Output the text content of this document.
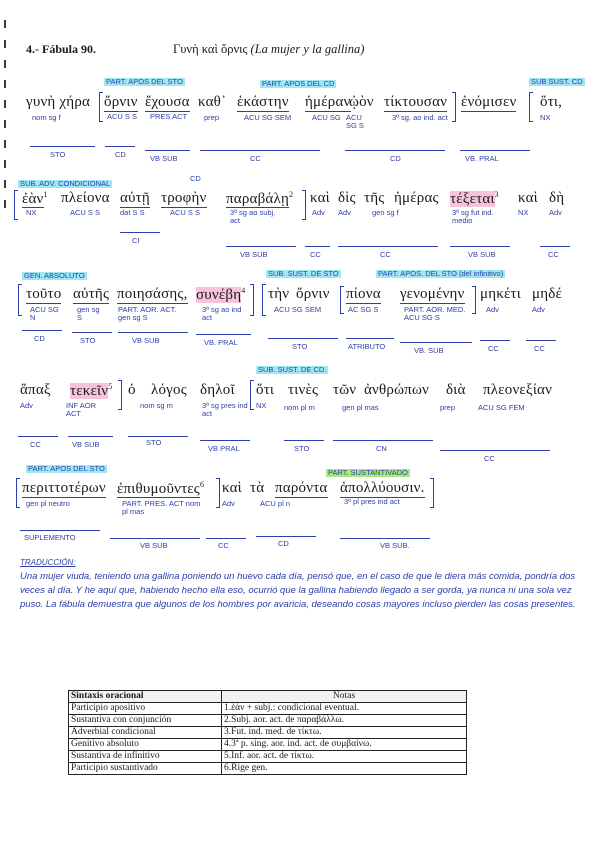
4.- Fábula 90.	Γυνὴ καὶ ὄρνις (La mujer y la gallina)
PART. APOS DEL STO	PART. APOS DEL CD	SUB SUST. CD
γυνὴ χήρα ὄρνιν ἔχουσα καθ᾿ ἑκάστην ἡμέραν
ᾠὸν τίκτουσαν ἐνόμισεν ὅτι,
nom sg f	ACU S S PRES ACT	prep	ACU SG SEM	ACU SG ACU SG S
3º sg. ao ind. act	NX
STO	CD	VB SUB	CC	CD	VB. PRAL
SUB. ADV. CONDICIONAL
CD
ἐὰν$^1$ πλείονα αὐτῇ τροφὴν παραβάλῃ$^2$ καὶ δὶς τῆς ἡμέρας τέξεται$^3$ καὶ δὴ
NX	ACU S S	dat S S	ACU S S	3ª sg ao subj. act
Adv Adv	gen sg f	3ª sg fut ind. medio
NX	Adv
CI
VB SUB	CC	CC	VB SUB	CC
GEN. ABSOLUTO	SUB. SUST. DE STO	PART. APOS. DEL STO (del infinitivo)
τοῦτο αὐτῆς ποιησάσης, συνέβη$^4$ τὴν ὄρνιν πίονα γενομένην μηκέτι μηδέ
ACU SG N
gen sg S
PART. AOR. ACT. gen sg S
3ª sg ao ind act
ACU SG SEM	AC SG S	PART. AOR. MED. ACU SG S
Adv	Adv
CD	STO	VB SUB	VB. PRAL	STO	ATRIBUTO	VB. SUB	CC	CC
SUB. SUST. DE CD.
ἅπαξ τεκεῖν$^5$ ὁ λόγος δηλοῖ ὅτι τινὲς τῶν ἀνθρώπων διὰ πλεονεξίαν
Adv	INF AOR ACT
nom sg m	3ª sg pres ind act
NX nom pl m	gen pl mas	prep	ACU SG FEM
CC	VB SUB	STO
VB PRAL	STO	CN
CC
PART. APOS DEL STO	PART. SUSTANTIVADO
περιττοτέρων ἐπιθυμοῦντες$^6$ καὶ τὰ παρόντα ἀπολλύουσιν.
gen pl neutro	PART. PRES. ACT nom pl mas
Adv	ACU pl n	3ª pl pres ind act
SUPLEMENTO
VB SUB	CC	CD	VB SUB.
TRADUCCIÓN:
Una mujer viuda, teniendo una gallina poniendo un huevo cada día, pensó que, en el caso de que le diera más comida, pondría dos veces al día. Y he aquí que, habiendo hecho ella eso, ocurrió que la gallina habiendo llegado a ser gorda, ya nunca ni una sola vez puso. La fábula demuestra que algunos de los hombres por avaricia, deseando cosas mayores incluso pierden las cosas presentes.
Sintaxis oracional	Notas
Participio apositivo	1.ἐὰν + subj.: condicional eventual.
Sustantiva con conjunción	2.Subj. aor. act. de παραβάλλω.
Adverbial condicional	3.Fut. ind. med. de τίκτω.
Genitivo absoluto	4.3ª p. sing. aor. ind. act. de συμβαίνω.
Sustantiva de infinitivo	5.Inf. aor. act. de τίκτω.
Participio sustantivado	6.Rige gen.
